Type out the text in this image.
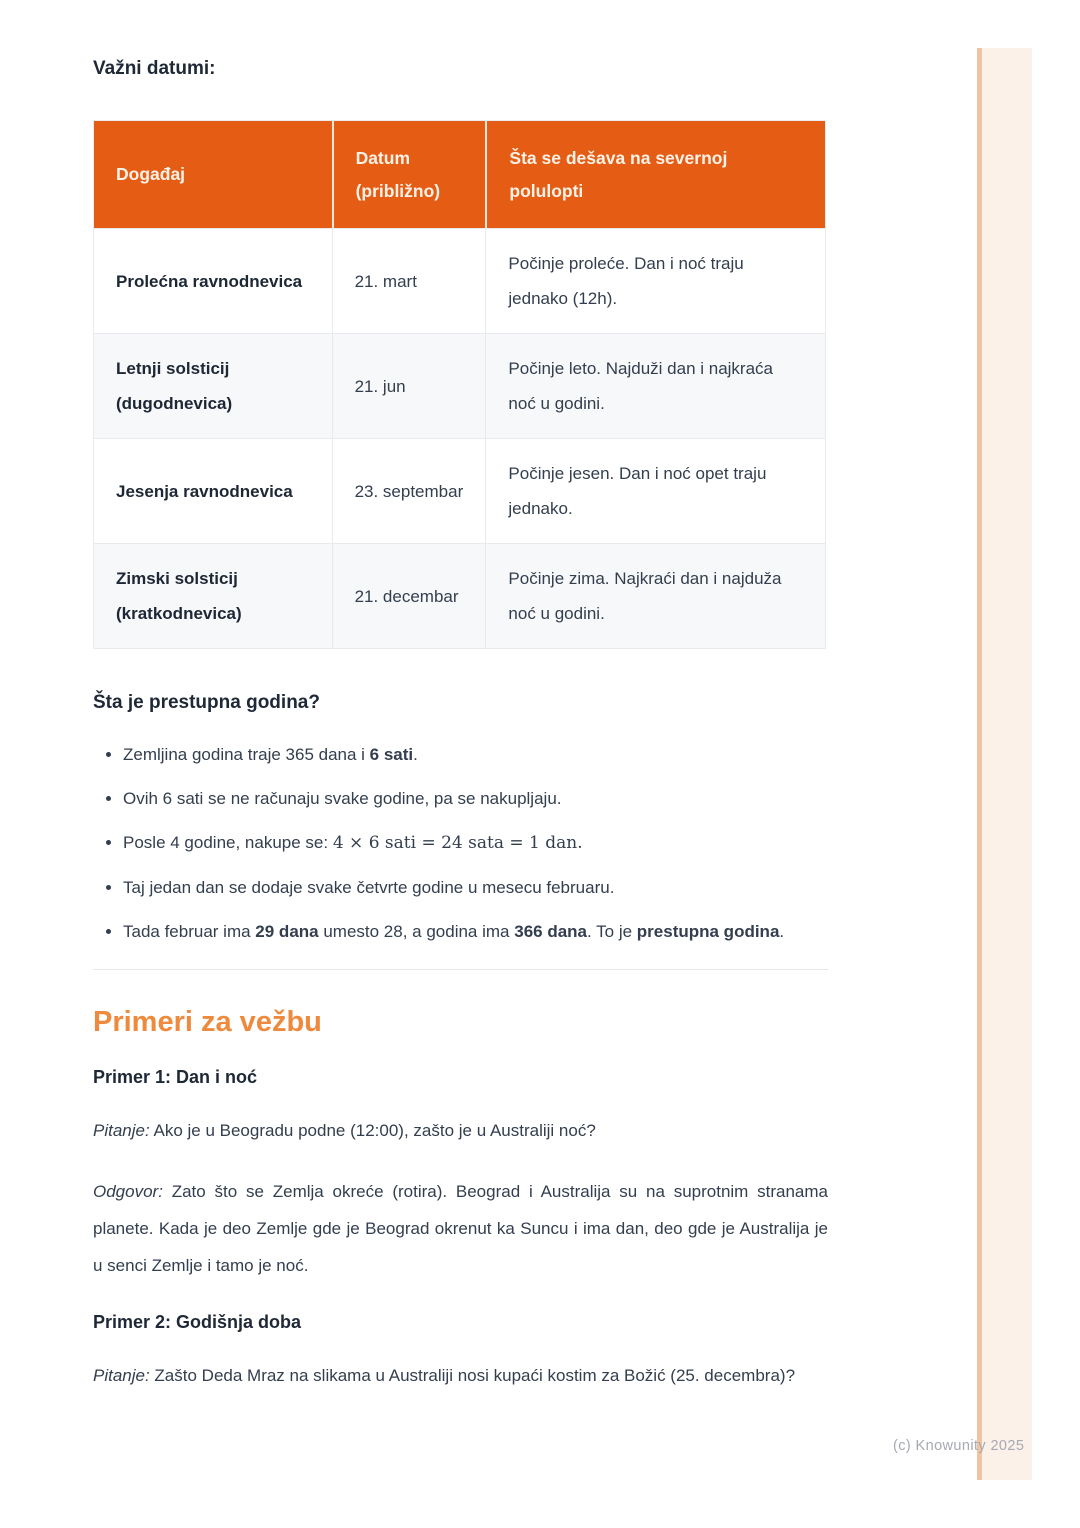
Važni datumi:
Događaj	Datum (približno)	Šta se dešava na severnoj polulopti
Prolećna ravnodnevica	21. mart	Počinje proleće. Dan i noć traju jednako (12h).
Letnji solsticij (dugodnevica)	21. jun	Počinje leto. Najduži dan i najkraća noć u godini.
Jesenja ravnodnevica	23. septembar	Počinje jesen. Dan i noć opet traju jednako.
Zimski solsticij (kratkodnevica)	21. decembar	Počinje zima. Najkraći dan i najduža noć u godini.
Šta je prestupna godina?
• Zemljina godina traje 365 dana i 6 sati.
• Ovih 6 sati se ne računaju svake godine, pa se nakupljaju.
• Posle 4 godine, nakupe se: 4 × 6 sati = 24 sata = 1 dan.
• Taj jedan dan se dodaje svake četvrte godine u mesecu februaru.
• Tada februar ima 29 dana umesto 28, a godina ima 366 dana. To je prestupna godina.
Primeri za vežbu
Primer 1: Dan i noć

Pitanje: Ako je u Beogradu podne (12:00), zašto je u Australiji noć?

Odgovor: Zato što se Zemlja okreće (rotira). Beograd i Australija su na suprotnim stranama planete. Kada je deo Zemlje gde je Beograd okrenut ka Suncu i ima dan, deo gde je Australija je u senci Zemlje i tamo je noć.

Primer 2: Godišnja doba

Pitanje: Zašto Deda Mraz na slikama u Australiji nosi kupaći kostim za Božić (25. decembra)?

(c) Knowunity 2025
